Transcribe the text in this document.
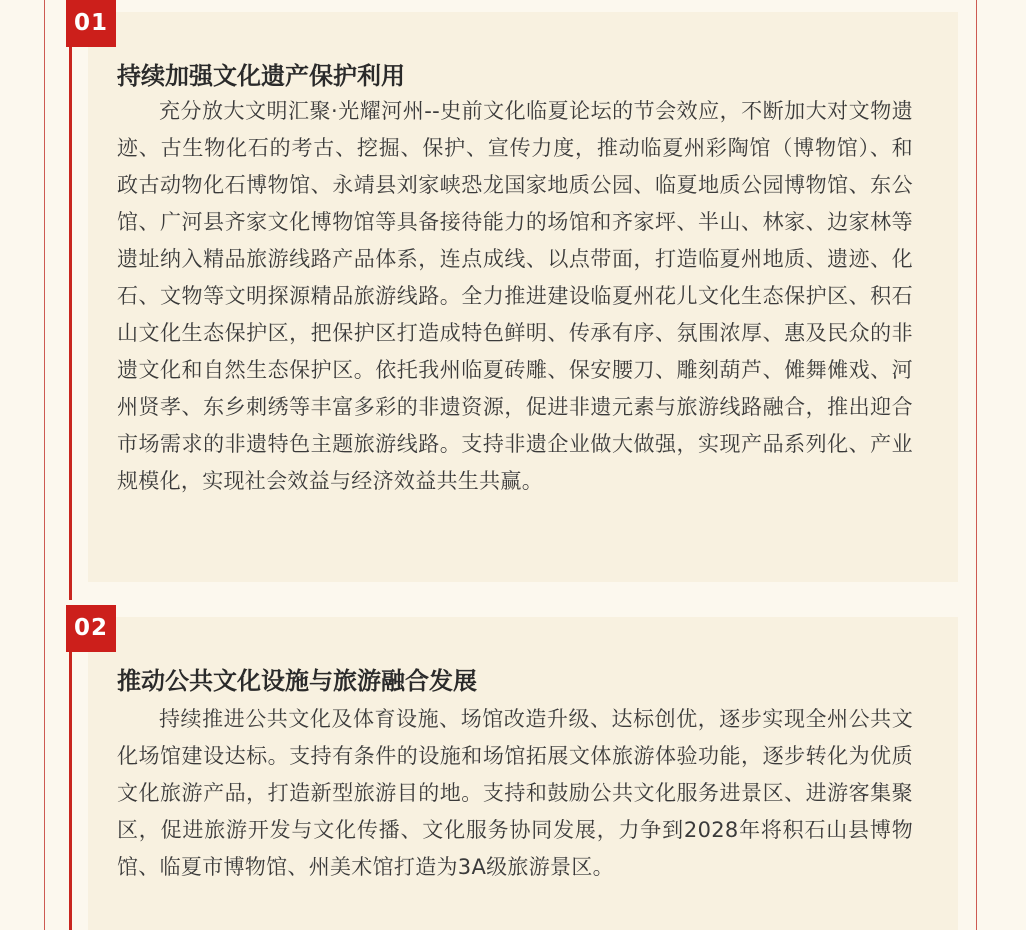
01
持续加强文化遗产保护利用

充分放大文明汇聚·光耀河州--史前文化临夏论坛的节会效应，不断加大对文物遗迹、古生物化石的考古、挖掘、保护、宣传力度，推动临夏州彩陶馆（博物馆）、和政古动物化石博物馆、永靖县刘家峡恐龙国家地质公园、临夏地质公园博物馆、东公馆、广河县齐家文化博物馆等具备接待能力的场馆和齐家坪、半山、林家、边家林等遗址纳入精品旅游线路产品体系，连点成线、以点带面，打造临夏州地质、遗迹、化石、文物等文明探源精品旅游线路。全力推进建设临夏州花儿文化生态保护区、积石山文化生态保护区，把保护区打造成特色鲜明、传承有序、氛围浓厚、惠及民众的非遗文化和自然生态保护区。依托我州临夏砖雕、保安腰刀、雕刻葫芦、傩舞傩戏、河州贤孝、东乡刺绣等丰富多彩的非遗资源，促进非遗元素与旅游线路融合，推出迎合市场需求的非遗特色主题旅游线路。支持非遗企业做大做强，实现产品系列化、产业规模化，实现社会效益与经济效益共生共赢。

02
推动公共文化设施与旅游融合发展

持续推进公共文化及体育设施、场馆改造升级、达标创优，逐步实现全州公共文化场馆建设达标。支持有条件的设施和场馆拓展文体旅游体验功能，逐步转化为优质文化旅游产品，打造新型旅游目的地。支持和鼓励公共文化服务进景区、进游客集聚区，促进旅游开发与文化传播、文化服务协同发展，力争到2028年将积石山县博物馆、临夏市博物馆、州美术馆打造为3A级旅游景区。
